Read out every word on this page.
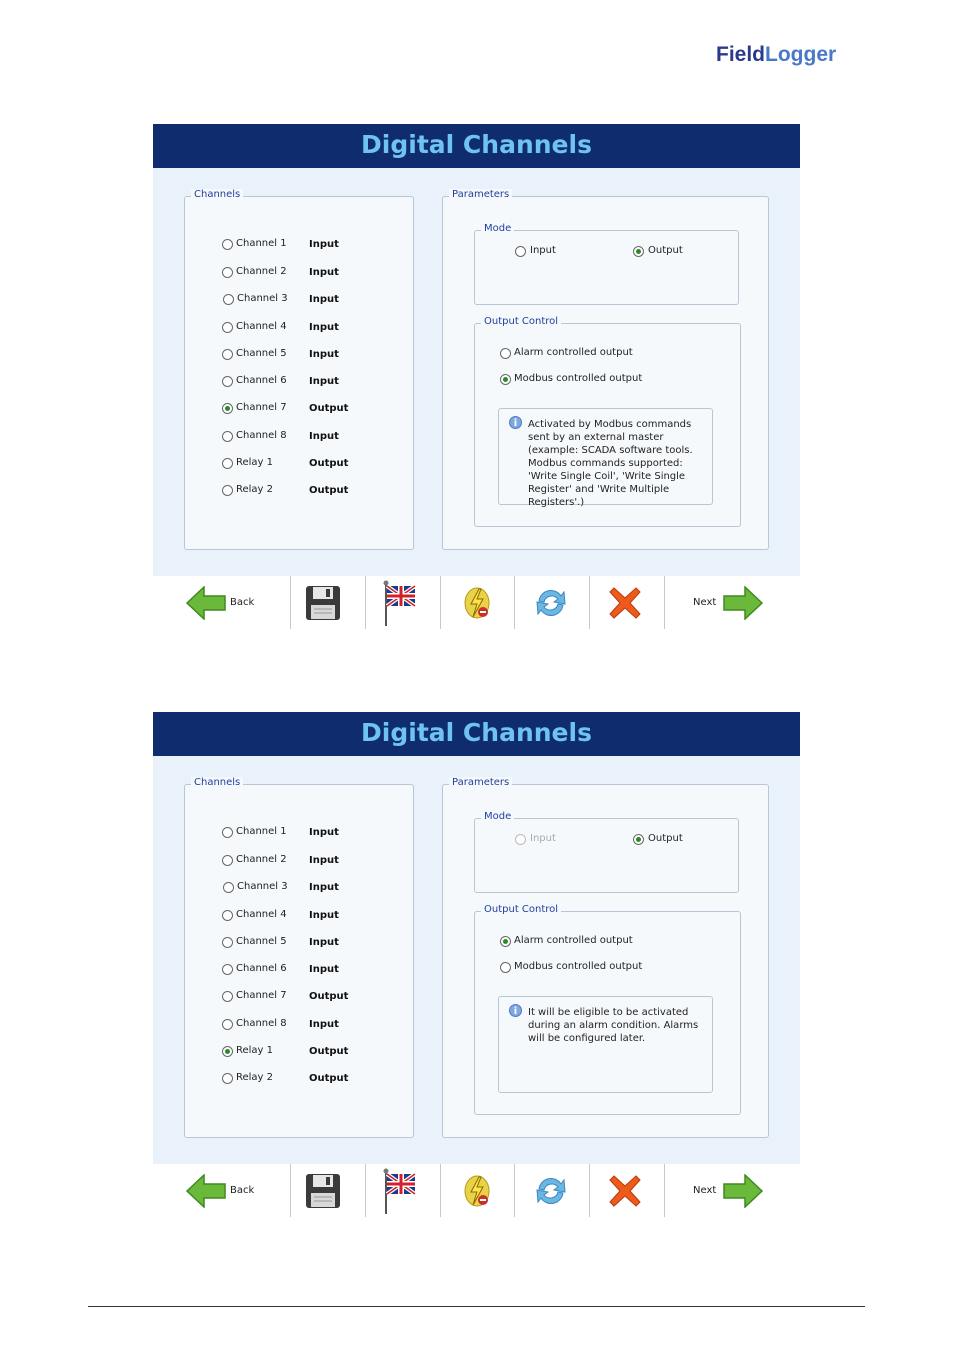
FieldLogger
Digital Channels
Channels
Channel 1 Input
Channel 2 Input
Channel 3 Input
Channel 4 Input
Channel 5 Input
Channel 6 Input
Channel 7 Output
Channel 8 Input
Relay 1	Output
Relay 2	Output
Parameters
Mode
Input	Output
Output Control
Alarm controlled output
Modbus controlled output
i	Activated by Modbus commands sent by an external master (example: SCADA software tools. Modbus commands supported: 'Write Single Coil', 'Write Single Register' and 'Write Multiple Registers'.)
Back	Next
Digital Channels
Channels
Channel 1 Input
Channel 2 Input
Channel 3 Input
Channel 4 Input
Channel 5 Input
Channel 6 Input
Channel 7 Output
Channel 8 Input
Relay 1	Output
Relay 2	Output
Parameters
Mode
Input	Output
Output Control
Alarm controlled output
Modbus controlled output
i	It will be eligible to be activated during an alarm condition. Alarms will be configured later.
Back	Next
